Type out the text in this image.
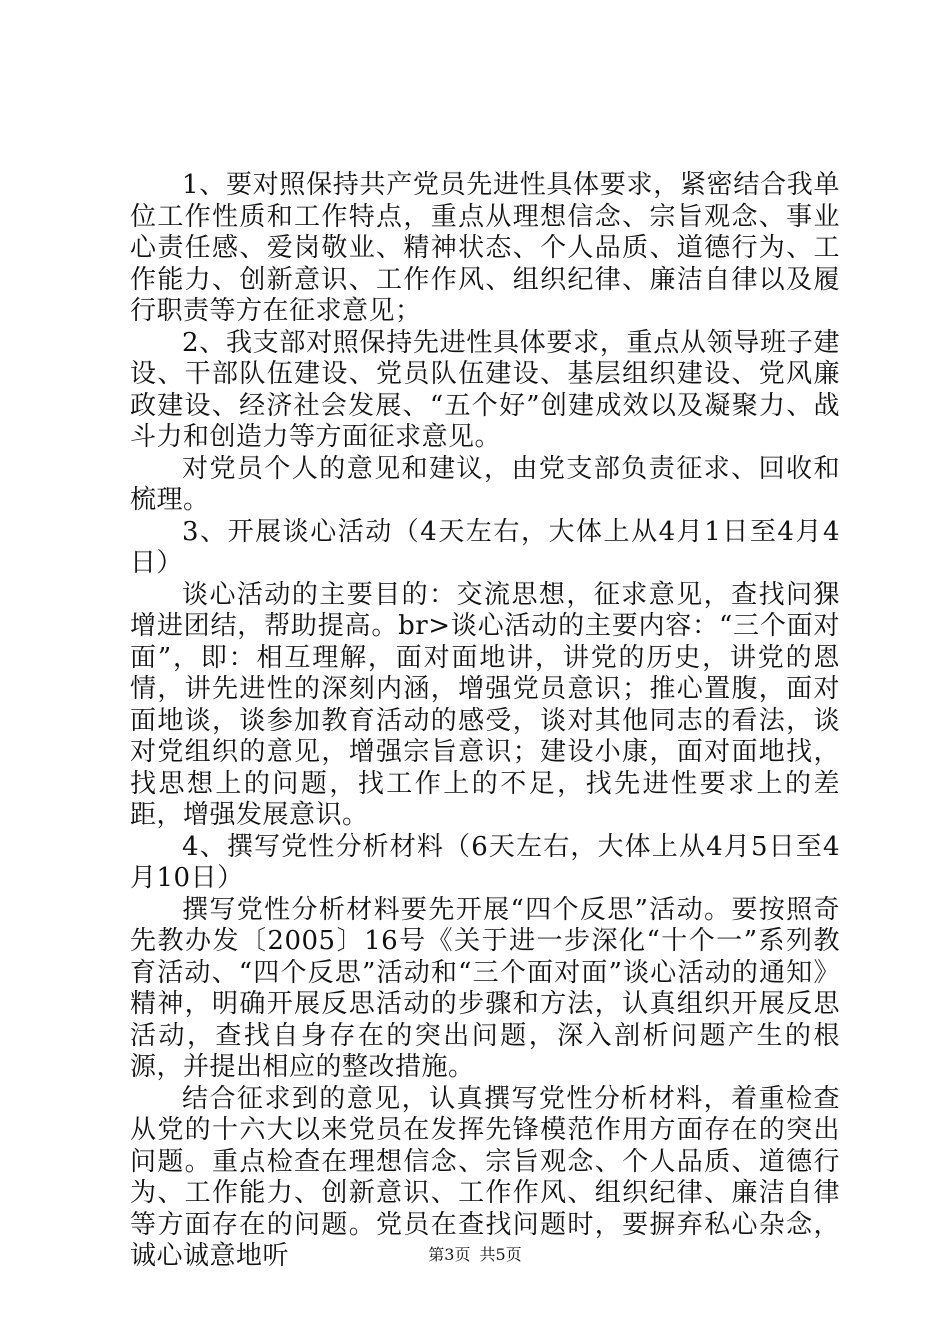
1、要对照保持共产党员先进性具体要求，紧密结合我单位工作性质和工作特点，重点从理想信念、宗旨观念、事业心责任感、爱岗敬业、精神状态、个人品质、道德行为、工作能力、创新意识、工作作风、组织纪律、廉洁自律以及履行职责等方在征求意见；

2、我支部对照保持先进性具体要求，重点从领导班子建设、干部队伍建设、党员队伍建设、基层组织建设、党风廉政建设、经济社会发展、“五个好”创建成效以及凝聚力、战斗力和创造力等方面征求意见。

对党员个人的意见和建议，由党支部负责征求、回收和梳理。

3、开展谈心活动（4天左右，大体上从4月1日至4月4日）

谈心活动的主要目的：交流思想，征求意见，查找问猓增进团结，帮助提高。br>谈心活动的主要内容：“三个面对面”，即：相互理解，面对面地讲，讲党的历史，讲党的恩情，讲先进性的深刻内涵，增强党员意识；推心置腹，面对面地谈，谈参加教育活动的感受，谈对其他同志的看法，谈对党组织的意见，增强宗旨意识；建设小康，面对面地找，找思想上的问题，找工作上的不足，找先进性要求上的差距，增强发展意识。

4、撰写党性分析材料（6天左右，大体上从4月5日至4月10日）

撰写党性分析材料要先开展“四个反思”活动。要按照奇先教办发〔2005〕16号《关于进一步深化“十个一”系列教育活动、“四个反思”活动和“三个面对面”谈心活动的通知》精神，明确开展反思活动的步骤和方法，认真组织开展反思活动，查找自身存在的突出问题，深入剖析问题产生的根源，并提出相应的整改措施。

结合征求到的意见，认真撰写党性分析材料，着重检查从党的十六大以来党员在发挥先锋模范作用方面存在的突出问题。重点检查在理想信念、宗旨观念、个人品质、道德行为、工作能力、创新意识、工作作风、组织纪律、廉洁自律等方面存在的问题。党员在查找问题时，要摒弃私心杂念，诚心诚意地听	第3页 共5页
